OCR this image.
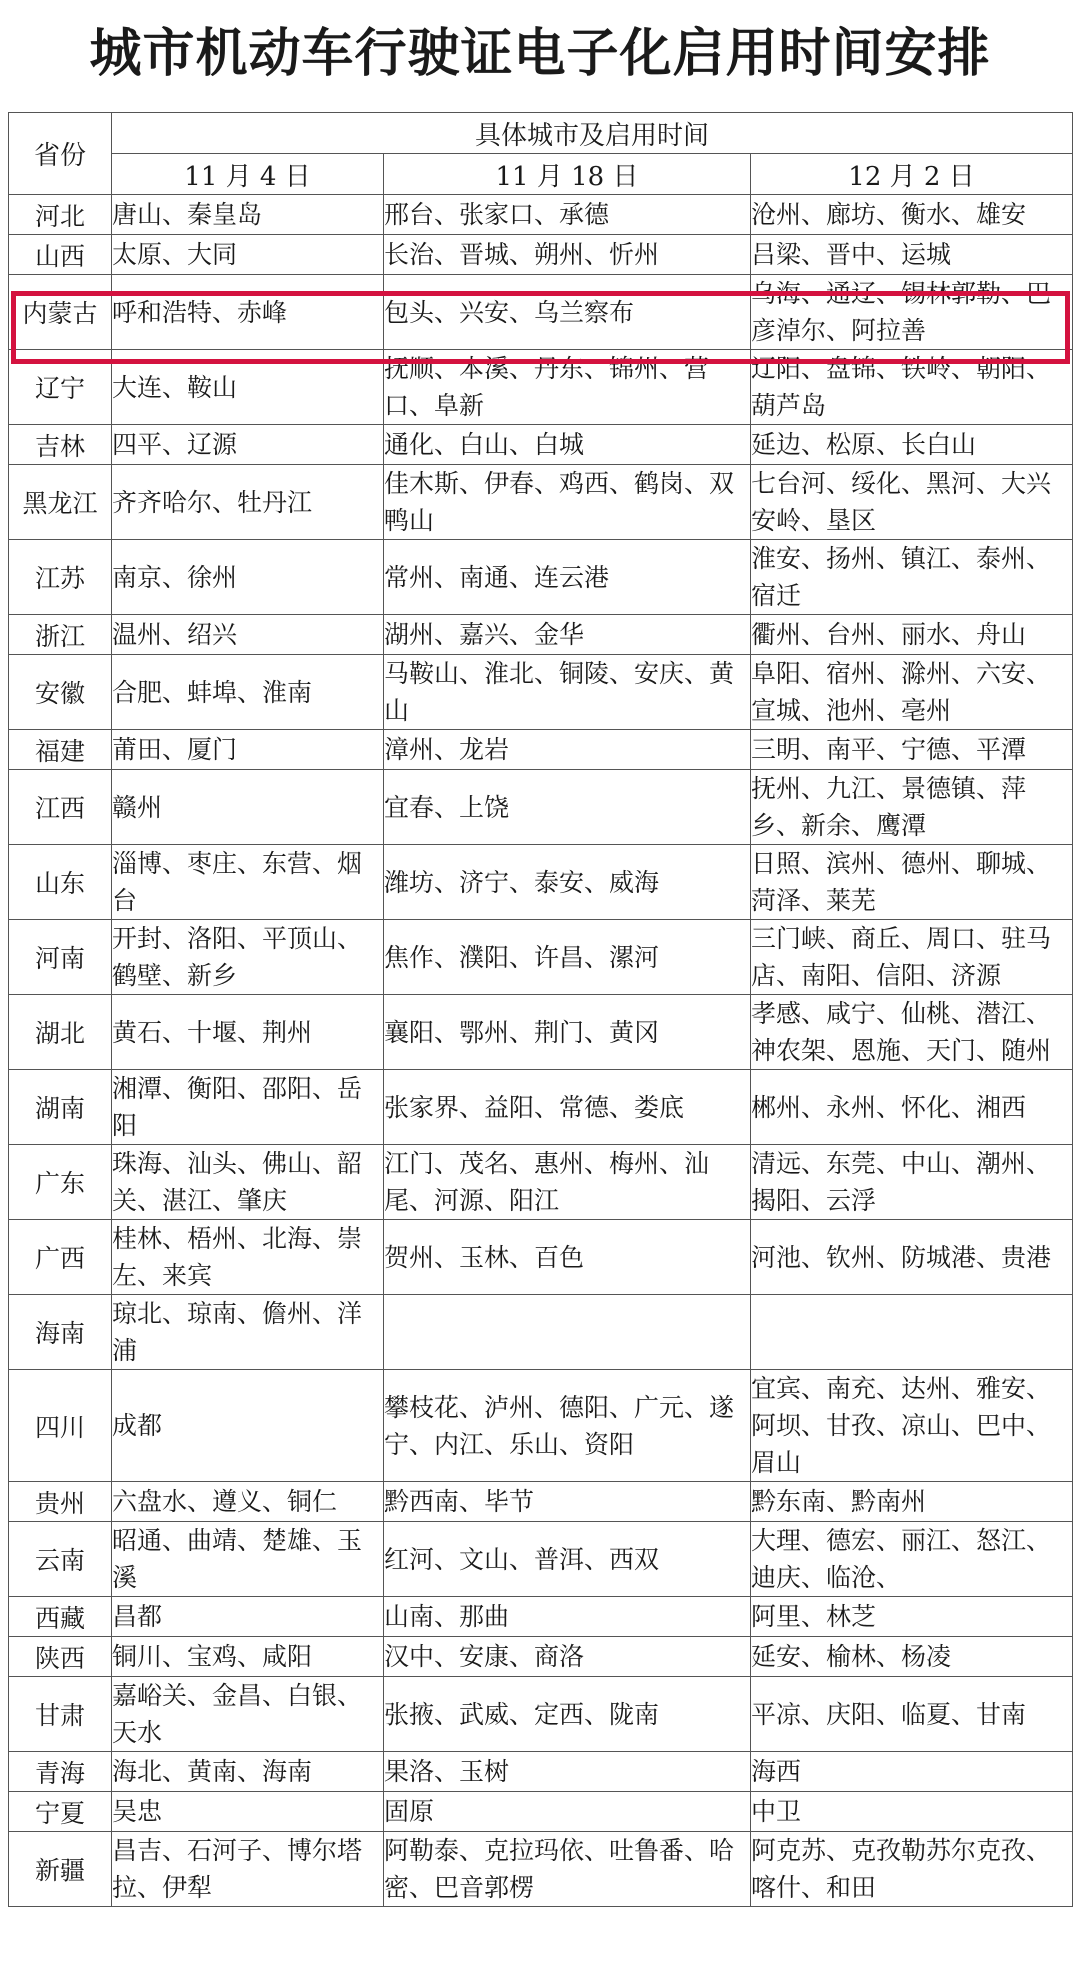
城市机动车行驶证电子化启用时间安排
省份	具体城市及启用时间		
	11 月 4 日	11 月 18 日	12 月 2 日
河北	唐山、秦皇岛	邢台、张家口、承德	沧州、廊坊、衡水、雄安
山西	太原、大同	长治、晋城、朔州、忻州	吕梁、晋中、运城
内蒙古	呼和浩特、赤峰	包头、兴安、乌兰察布	乌海、通辽、锡林郭勒、巴彦淖尔、阿拉善
辽宁	大连、鞍山	抚顺、本溪、丹东、锦州、营口、阜新	辽阳、盘锦、铁岭、朝阳、葫芦岛
吉林	四平、辽源	通化、白山、白城	延边、松原、长白山
黑龙江	齐齐哈尔、牡丹江	佳木斯、伊春、鸡西、鹤岗、双鸭山	七台河、绥化、黑河、大兴安岭、垦区
江苏	南京、徐州	常州、南通、连云港	淮安、扬州、镇江、泰州、宿迁
浙江	温州、绍兴	湖州、嘉兴、金华	衢州、台州、丽水、舟山
安徽	合肥、蚌埠、淮南	马鞍山、淮北、铜陵、安庆、黄山	阜阳、宿州、滁州、六安、宣城、池州、亳州
福建	莆田、厦门	漳州、龙岩	三明、南平、宁德、平潭
江西	赣州	宜春、上饶	抚州、九江、景德镇、萍乡、新余、鹰潭
山东	淄博、枣庄、东营、烟台	潍坊、济宁、泰安、威海	日照、滨州、德州、聊城、菏泽、莱芜
河南	开封、洛阳、平顶山、鹤壁、新乡	焦作、濮阳、许昌、漯河	三门峡、商丘、周口、驻马店、南阳、信阳、济源
湖北	黄石、十堰、荆州	襄阳、鄂州、荆门、黄冈	孝感、咸宁、仙桃、潜江、神农架、恩施、天门、随州
湖南	湘潭、衡阳、邵阳、岳阳	张家界、益阳、常德、娄底	郴州、永州、怀化、湘西
广东	珠海、汕头、佛山、韶关、湛江、肇庆	江门、茂名、惠州、梅州、汕尾、河源、阳江	清远、东莞、中山、潮州、揭阳、云浮
广西	桂林、梧州、北海、崇左、来宾	贺州、玉林、百色	河池、钦州、防城港、贵港
海南	琼北、琼南、儋州、洋浦		
四川	成都	攀枝花、泸州、德阳、广元、遂宁、内江、乐山、资阳	宜宾、南充、达州、雅安、阿坝、甘孜、凉山、巴中、眉山
贵州	六盘水、遵义、铜仁	黔西南、毕节	黔东南、黔南州
云南	昭通、曲靖、楚雄、玉溪	红河、文山、普洱、西双	大理、德宏、丽江、怒江、迪庆、临沧、
西藏	昌都	山南、那曲	阿里、林芝
陕西	铜川、宝鸡、咸阳	汉中、安康、商洛	延安、榆林、杨凌
甘肃	嘉峪关、金昌、白银、天水	张掖、武威、定西、陇南	平凉、庆阳、临夏、甘南
青海	海北、黄南、海南	果洛、玉树	海西
宁夏	吴忠	固原	中卫
新疆	昌吉、石河子、博尔塔拉、伊犁	阿勒泰、克拉玛依、吐鲁番、哈密、巴音郭楞	阿克苏、克孜勒苏尔克孜、喀什、和田
